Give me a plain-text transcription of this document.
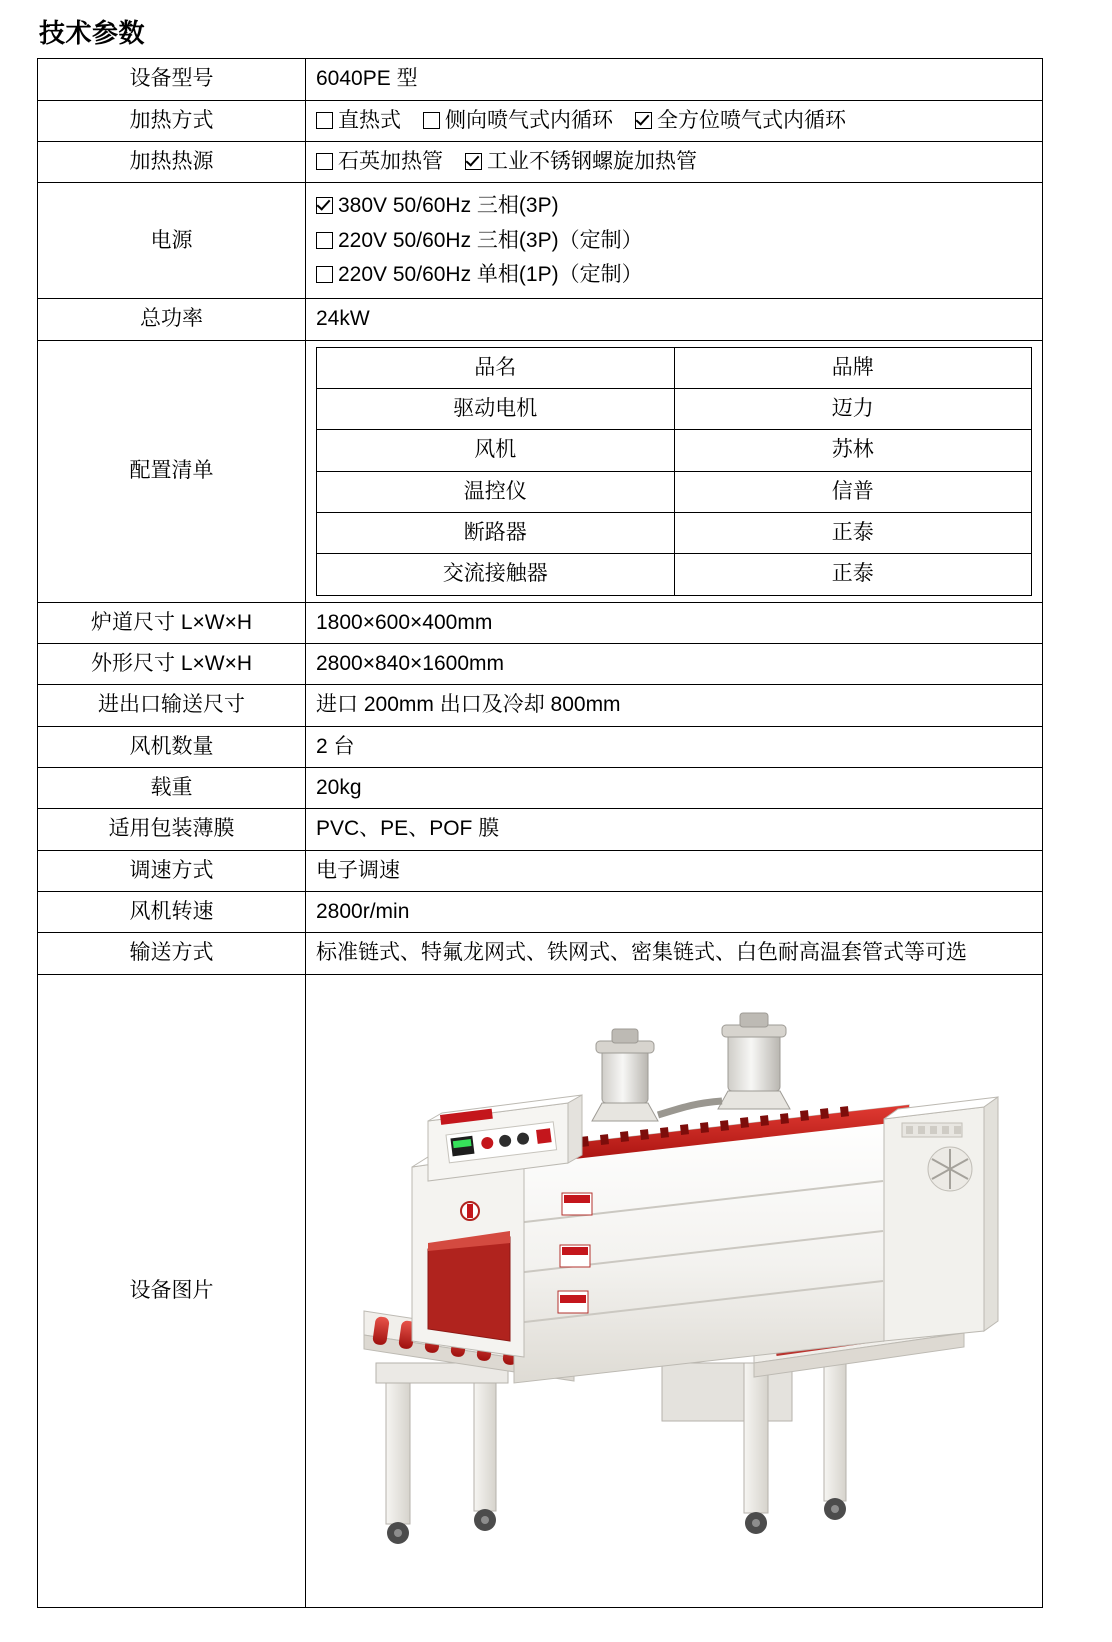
技术参数
设备型号	6040PE 型
加热方式	直热式 侧向喷气式内循环 全方位喷气式内循环
加热热源	石英加热管 工业不锈钢螺旋加热管
电源	
380V 50/60Hz 三相(3P)
220V 50/60Hz 三相(3P)（定制）
220V 50/60Hz 单相(1P)（定制）

总功率	24kW
配置清单	
品名	品牌
驱动电机	迈力
风机	苏林
温控仪	信普
断路器	正泰
交流接触器	正泰

炉道尺寸 L×W×H	1800×600×400mm
外形尺寸 L×W×H	2800×840×1600mm
进出口输送尺寸	进口 200mm 出口及冷却 800mm
风机数量	2 台
载重	20kg
适用包装薄膜	PVC、PE、POF 膜
调速方式	电子调速
风机转速	2800r/min
输送方式	标准链式、特氟龙网式、铁网式、密集链式、白色耐高温套管式等可选
设备图片	
